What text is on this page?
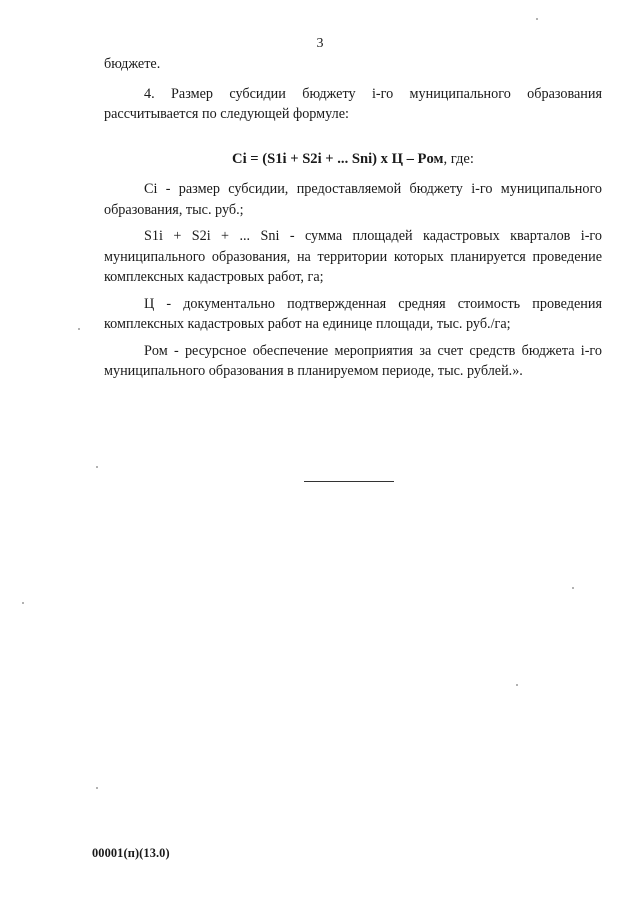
3

бюджете.

4. Размер субсидии бюджету i-го муниципального образования рассчитывается по следующей формуле:

Ci = (S1i + S2i + ... Sni) х Ц – Pом, где:

Ci - размер субсидии, предоставляемой бюджету i-го муниципального образования, тыс. руб.;

S1i + S2i + ... Sni - сумма площадей кадастровых кварталов i-го муниципального образования, на территории которых планируется проведение комплексных кадастровых работ, га;

Ц - документально подтвержденная средняя стоимость проведения комплексных кадастровых работ на единице площади, тыс. руб./га;

Pом - ресурсное обеспечение мероприятия за счет средств бюджета i-го муниципального образования в планируемом периоде, тыс. рублей.».

00001(п)(13.0)
